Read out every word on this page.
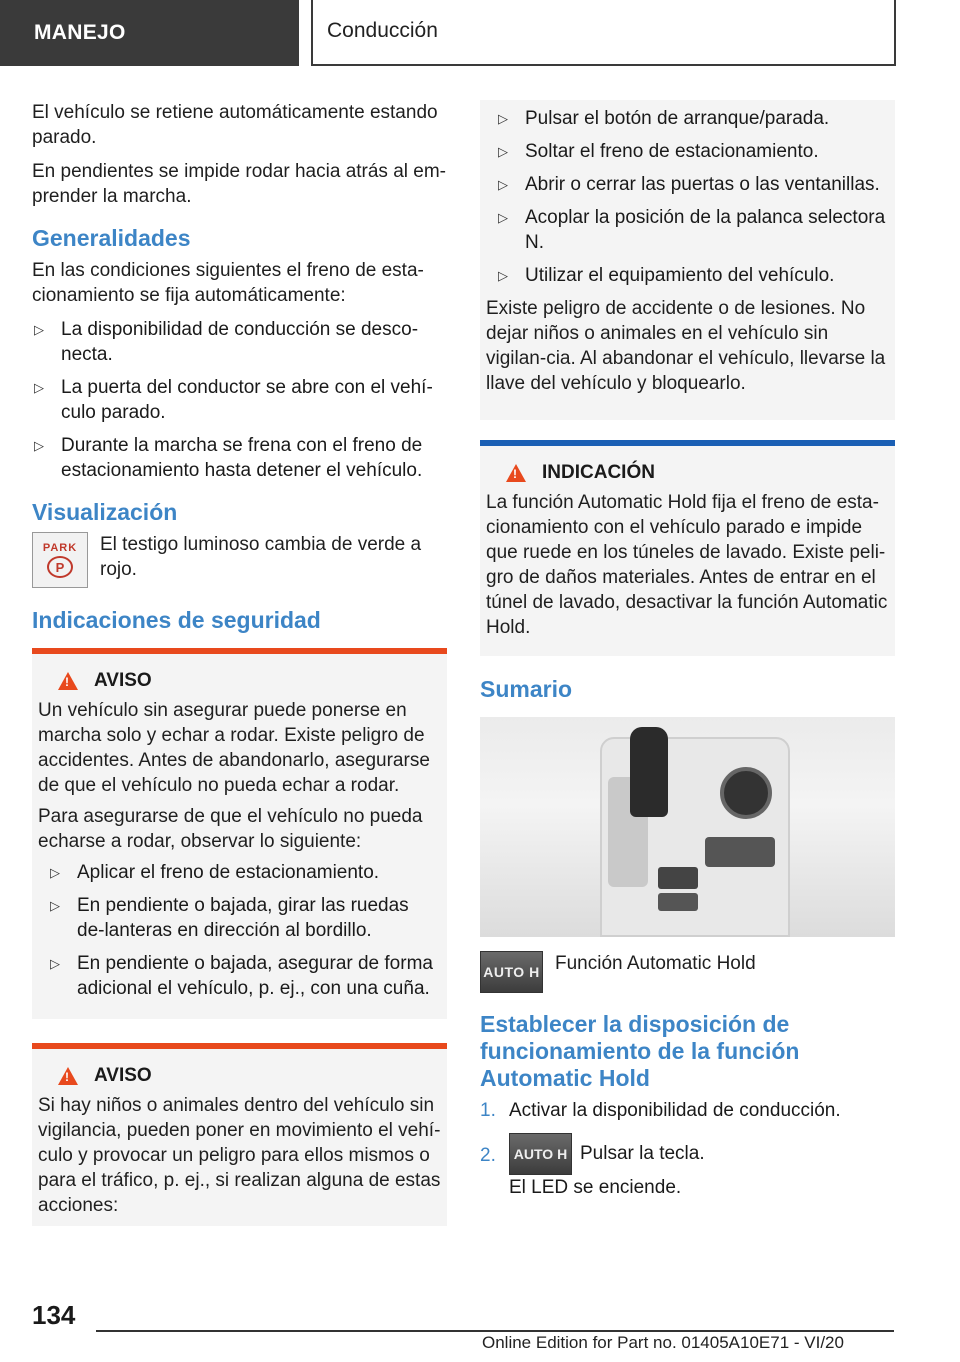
MANEJO	Conducción

El vehículo se retiene automáticamente estando parado.

En pendientes se impide rodar hacia atrás al em-prender la marcha.

Generalidades

En las condiciones siguientes el freno de esta-cionamiento se fija automáticamente:

▷ La disponibilidad de conducción se desco-necta.
▷ La puerta del conductor se abre con el vehí-culo parado.
▷ Durante la marcha se frena con el freno de estacionamiento hasta detener el vehículo.
Visualización
PARK
P

El testigo luminoso cambia de verde a rojo.

Indicaciones de seguridad
!
AVISO

Un vehículo sin asegurar puede ponerse en marcha solo y echar a rodar. Existe peligro de accidentes. Antes de abandonarlo, asegurarse de que el vehículo no pueda echar a rodar.

Para asegurarse de que el vehículo no pueda echarse a rodar, observar lo siguiente:

▷ Aplicar el freno de estacionamiento.
▷ En pendiente o bajada, girar las ruedas de-lanteras en dirección al bordillo.
▷ En pendiente o bajada, asegurar de forma adicional el vehículo, p. ej., con una cuña.
!
AVISO

Si hay niños o animales dentro del vehículo sin vigilancia, pueden poner en movimiento el vehí-culo y provocar un peligro para ellos mismos o para el tráfico, p. ej., si realizan alguna de estas acciones:

▷ Pulsar el botón de arranque/parada.
▷ Soltar el freno de estacionamiento.
▷ Abrir o cerrar las puertas o las ventanillas.
▷ Acoplar la posición de la palanca selectora N.
▷ Utilizar el equipamiento del vehículo.

Existe peligro de accidente o de lesiones. No dejar niños o animales en el vehículo sin vigilan-cia. Al abandonar el vehículo, llevarse la llave del vehículo y bloquearlo.

!
INDICACIÓN

La función Automatic Hold fija el freno de esta-cionamiento con el vehículo parado e impide que ruede en los túneles de lavado. Existe peli-gro de daños materiales. Antes de entrar en el túnel de lavado, desactivar la función Automatic Hold.

Sumario
AUTO H Función Automatic Hold

Establecer la disposición de funcionamiento de la función Automatic Hold
1. Activar la disponibilidad de conducción.
2. AUTO H Pulsar la tecla.
El LED se enciende.
134
Online Edition for Part no. 01405A10E71 - VI/20
